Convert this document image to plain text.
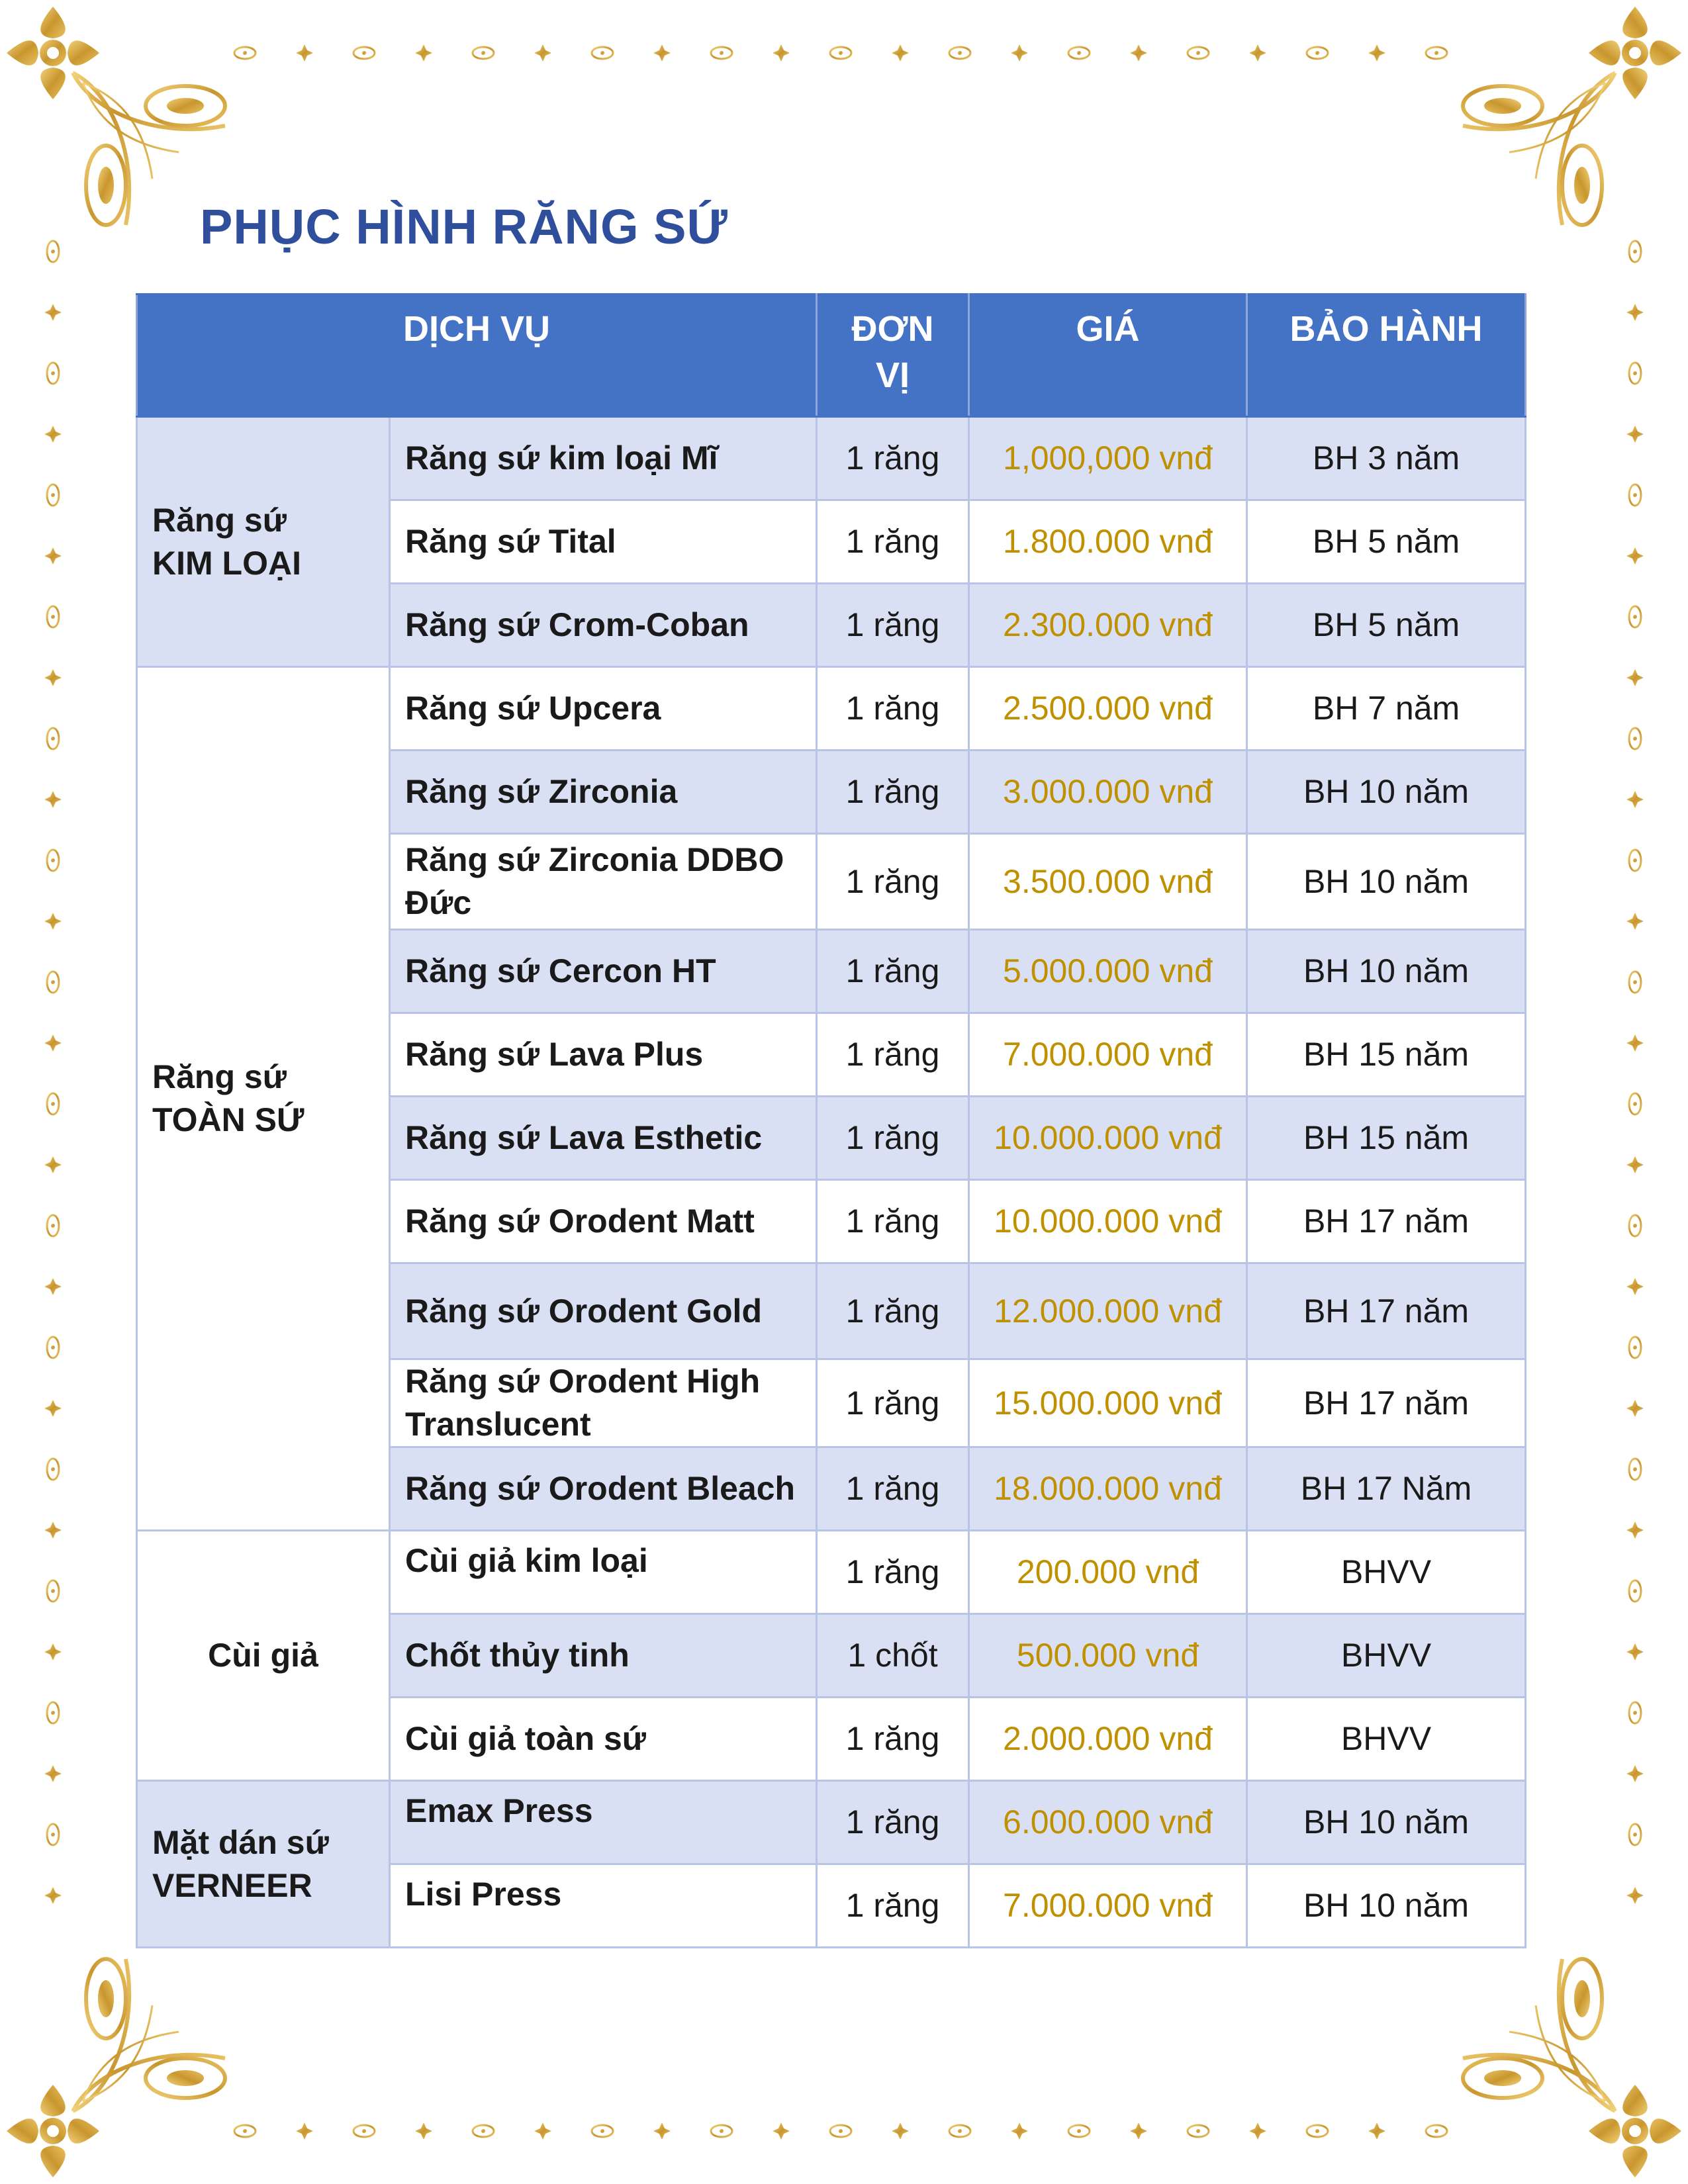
PHỤC HÌNH RĂNG SỨ
DỊCH VỤ		ĐƠN VỊ	GIÁ	BẢO HÀNH
Răng sứ
KIM LOẠI	Răng sứ kim loại Mĩ	1 răng	1,000,000 vnđ	BH 3 năm
	Răng sứ Tital	1 răng	1.800.000 vnđ	BH 5 năm
	Răng sứ Crom-Coban	1 răng	2.300.000 vnđ	BH 5 năm
Răng sứ
TOÀN SỨ	Răng sứ Upcera	1 răng	2.500.000 vnđ	BH 7 năm
	Răng sứ Zirconia	1 răng	3.000.000 vnđ	BH 10 năm
	Răng sứ Zirconia DDBO Đức	1 răng	3.500.000 vnđ	BH 10 năm
	Răng sứ Cercon HT	1 răng	5.000.000 vnđ	BH 10 năm
	Răng sứ Lava Plus	1 răng	7.000.000 vnđ	BH 15 năm
	Răng sứ Lava Esthetic	1 răng	10.000.000 vnđ	BH 15 năm
	Răng sứ Orodent Matt	1 răng	10.000.000 vnđ	BH 17 năm
	Răng sứ Orodent Gold	1 răng	12.000.000 vnđ	BH 17 năm
	Răng sứ Orodent High Translucent	1 răng	15.000.000 vnđ	BH 17 năm
	Răng sứ Orodent Bleach	1 răng	18.000.000 vnđ	BH 17 Năm
Cùi giả	Cùi giả kim loại	1 răng	200.000 vnđ	BHVV
	Chốt thủy tinh	1 chốt	500.000 vnđ	BHVV
	Cùi giả toàn sứ	1 răng	2.000.000 vnđ	BHVV
Mặt dán sứ
VERNEER	Emax Press	1 răng	6.000.000 vnđ	BH 10 năm
	Lisi Press	1 răng	7.000.000 vnđ	BH 10 năm
